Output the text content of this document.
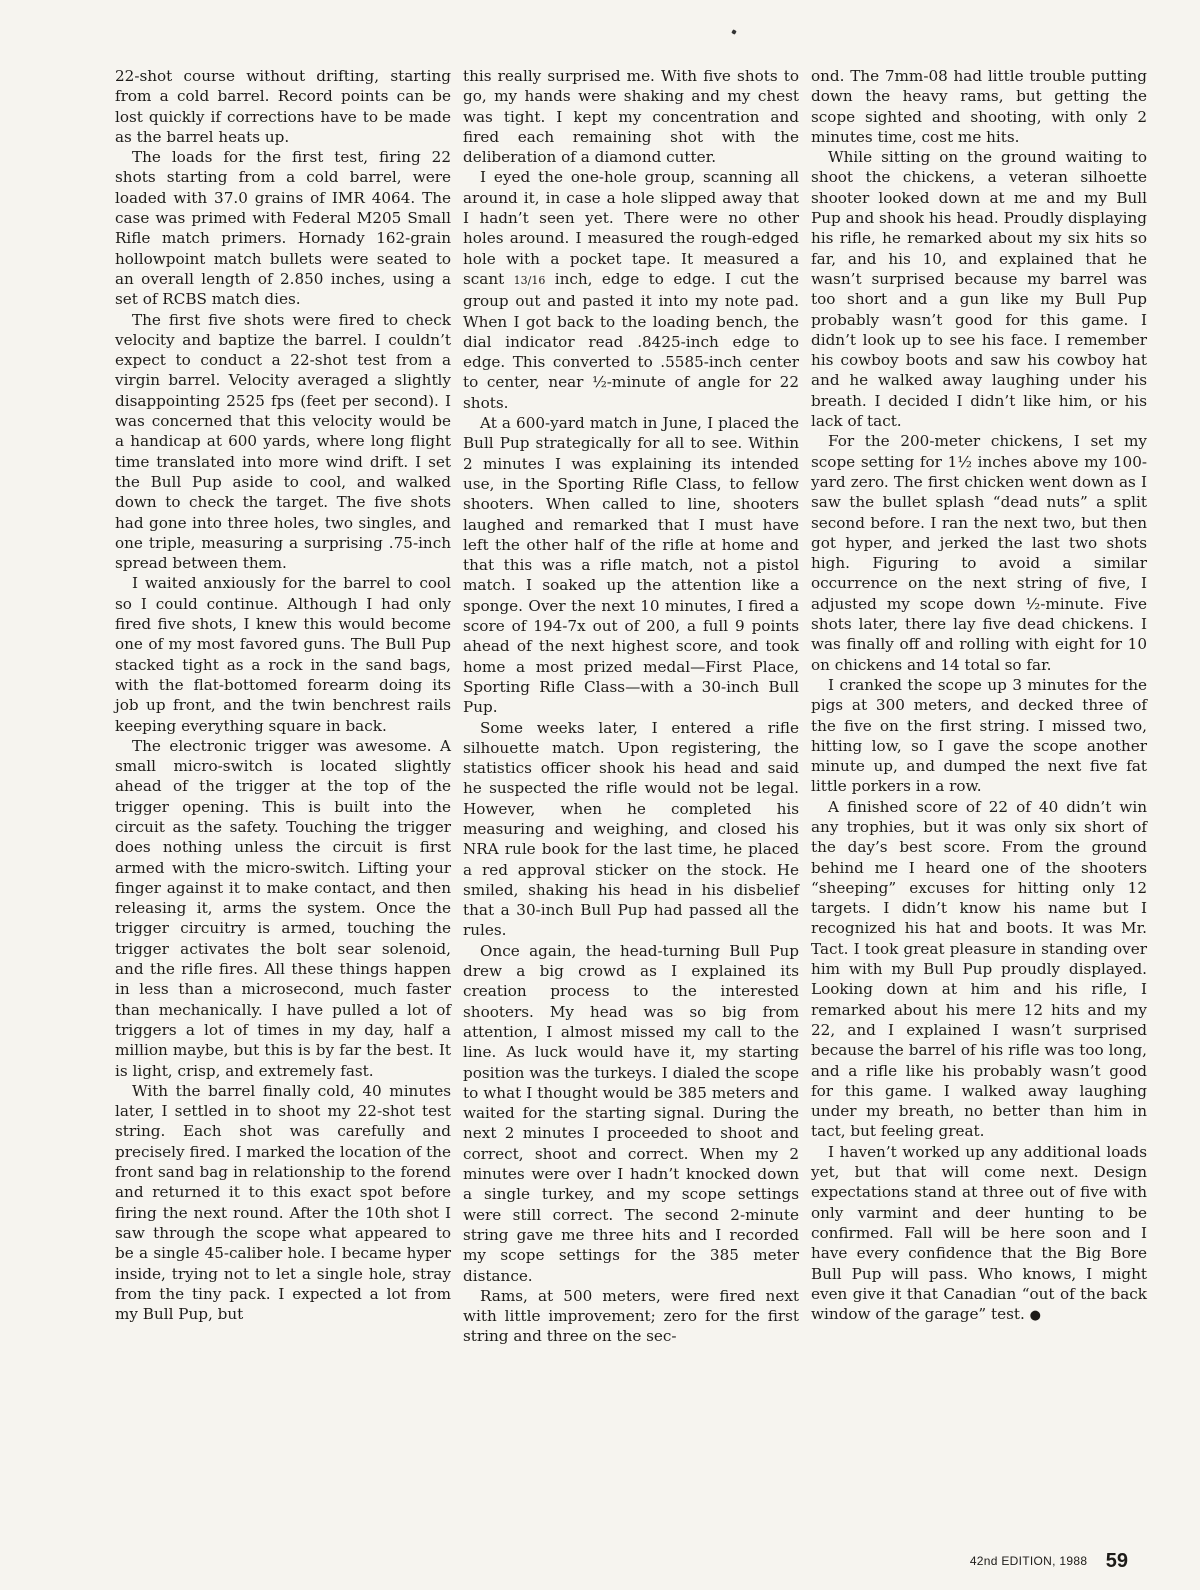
22-shot course without drifting, starting from a cold barrel. Record points can be lost quickly if corrections have to be made as the barrel heats up.

The loads for the first test, firing 22 shots starting from a cold barrel, were loaded with 37.0 grains of IMR 4064. The case was primed with Federal M205 Small Rifle match primers. Hornady 162-grain hollowpoint match bullets were seated to an overall length of 2.850 inches, using a set of RCBS match dies.

The first five shots were fired to check velocity and baptize the barrel. I couldn’t expect to conduct a 22-shot test from a virgin barrel. Velocity averaged a slightly disappointing 2525 fps (feet per second). I was concerned that this velocity would be a handicap at 600 yards, where long flight time translated into more wind drift. I set the Bull Pup aside to cool, and walked down to check the target. The five shots had gone into three holes, two singles, and one triple, measuring a surprising .75-inch spread between them.

I waited anxiously for the barrel to cool so I could continue. Although I had only fired five shots, I knew this would become one of my most favored guns. The Bull Pup stacked tight as a rock in the sand bags, with the flat-bottomed forearm doing its job up front, and the twin benchrest rails keeping everything square in back.

The electronic trigger was awesome. A small micro-switch is located slightly ahead of the trigger at the top of the trigger opening. This is built into the circuit as the safety. Touching the trigger does nothing unless the circuit is first armed with the micro-switch. Lifting your finger against it to make contact, and then releasing it, arms the system. Once the trigger circuitry is armed, touching the trigger activates the bolt sear solenoid, and the rifle fires. All these things happen in less than a microsecond, much faster than mechanically. I have pulled a lot of triggers a lot of times in my day, half a million maybe, but this is by far the best. It is light, crisp, and extremely fast.

With the barrel finally cold, 40 minutes later, I settled in to shoot my 22-shot test string. Each shot was carefully and precisely fired. I marked the location of the front sand bag in relationship to the forend and returned it to this exact spot before firing the next round. After the 10th shot I saw through the scope what appeared to be a single 45-caliber hole. I became hyper inside, trying not to let a single hole, stray from the tiny pack. I expected a lot from my Bull Pup, but

this really surprised me. With five shots to go, my hands were shaking and my chest was tight. I kept my concentration and fired each remaining shot with the deliberation of a diamond cutter.

I eyed the one-hole group, scanning all around it, in case a hole slipped away that I hadn’t seen yet. There were no other holes around. I measured the rough-edged hole with a pocket tape. It measured a scant 13/16 inch, edge to edge. I cut the group out and pasted it into my note pad. When I got back to the loading bench, the dial indicator read .8425-inch edge to edge. This converted to .5585-inch center to center, near ½-minute of angle for 22 shots.

At a 600-yard match in June, I placed the Bull Pup strategically for all to see. Within 2 minutes I was explaining its intended use, in the Sporting Rifle Class, to fellow shooters. When called to line, shooters laughed and remarked that I must have left the other half of the rifle at home and that this was a rifle match, not a pistol match. I soaked up the attention like a sponge. Over the next 10 minutes, I fired a score of 194-7x out of 200, a full 9 points ahead of the next highest score, and took home a most prized medal—First Place, Sporting Rifle Class—with a 30-inch Bull Pup.

Some weeks later, I entered a rifle silhouette match. Upon registering, the statistics officer shook his head and said he suspected the rifle would not be legal. However, when he completed his measuring and weighing, and closed his NRA rule book for the last time, he placed a red approval sticker on the stock. He smiled, shaking his head in his disbelief that a 30-inch Bull Pup had passed all the rules.

Once again, the head-turning Bull Pup drew a big crowd as I explained its creation process to the interested shooters. My head was so big from attention, I almost missed my call to the line. As luck would have it, my starting position was the turkeys. I dialed the scope to what I thought would be 385 meters and waited for the starting signal. During the next 2 minutes I proceeded to shoot and correct, shoot and correct. When my 2 minutes were over I hadn’t knocked down a single turkey, and my scope settings were still correct. The second 2-minute string gave me three hits and I recorded my scope settings for the 385 meter distance.

Rams, at 500 meters, were fired next with little improvement; zero for the first string and three on the sec-

ond. The 7mm-08 had little trouble putting down the heavy rams, but getting the scope sighted and shooting, with only 2 minutes time, cost me hits.

While sitting on the ground waiting to shoot the chickens, a veteran silhoette shooter looked down at me and my Bull Pup and shook his head. Proudly displaying his rifle, he remarked about my six hits so far, and his 10, and explained that he wasn’t surprised because my barrel was too short and a gun like my Bull Pup probably wasn’t good for this game. I didn’t look up to see his face. I remember his cowboy boots and saw his cowboy hat and he walked away laughing under his breath. I decided I didn’t like him, or his lack of tact.

For the 200-meter chickens, I set my scope setting for 1½ inches above my 100-yard zero. The first chicken went down as I saw the bullet splash “dead nuts” a split second before. I ran the next two, but then got hyper, and jerked the last two shots high. Figuring to avoid a similar occurrence on the next string of five, I adjusted my scope down ½-minute. Five shots later, there lay five dead chickens. I was finally off and rolling with eight for 10 on chickens and 14 total so far.

I cranked the scope up 3 minutes for the pigs at 300 meters, and decked three of the five on the first string. I missed two, hitting low, so I gave the scope another minute up, and dumped the next five fat little porkers in a row.

A finished score of 22 of 40 didn’t win any trophies, but it was only six short of the day’s best score. From the ground behind me I heard one of the shooters “sheeping” excuses for hitting only 12 targets. I didn’t know his name but I recognized his hat and boots. It was Mr. Tact. I took great pleasure in standing over him with my Bull Pup proudly displayed. Looking down at him and his rifle, I remarked about his mere 12 hits and my 22, and I explained I wasn’t surprised because the barrel of his rifle was too long, and a rifle like his probably wasn’t good for this game. I walked away laughing under my breath, no better than him in tact, but feeling great.

I haven’t worked up any additional loads yet, but that will come next. Design expectations stand at three out of five with only varmint and deer hunting to be confirmed. Fall will be here soon and I have every confidence that the Big Bore Bull Pup will pass. Who knows, I might even give it that Canadian “out of the back window of the garage” test. ●

42nd EDITION, 1988 59
